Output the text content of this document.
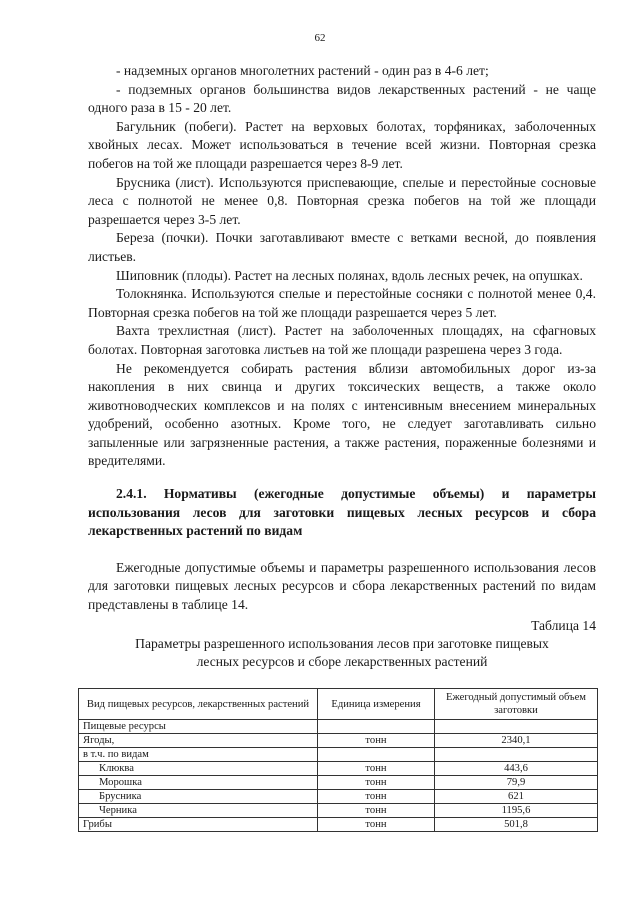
62

- надземных органов многолетних растений - один раз в 4-6 лет;

- подземных органов большинства видов лекарственных растений - не чаще одного раза в 15 - 20 лет.

Багульник (побеги). Растет на верховых болотах, торфяниках, заболоченных хвойных лесах. Может использоваться в течение всей жизни. Повторная срезка побегов на той же площади разрешается через 8-9 лет.

Брусника (лист). Используются приспевающие, спелые и перестойные сосновые леса с полнотой не менее 0,8. Повторная срезка побегов на той же площади разрешается через 3-5 лет.

Береза (почки). Почки заготавливают вместе с ветками весной, до появления листьев.

Шиповник (плоды). Растет на лесных полянах, вдоль лесных речек, на опушках.

Толокнянка. Используются спелые и перестойные сосняки с полнотой менее 0,4. Повторная срезка побегов на той же площади разрешается через 5 лет.

Вахта трехлистная (лист). Растет на заболоченных площадях, на сфагновых болотах. Повторная заготовка листьев на той же площади разрешена через 3 года.

Не рекомендуется собирать растения вблизи автомобильных дорог из-за накопления в них свинца и других токсических веществ, а также около животноводческих комплексов и на полях с интенсивным внесением минеральных удобрений, особенно азотных. Кроме того, не следует заготавливать сильно запыленные или загрязненные растения, а также растения, пораженные болезнями и вредителями.

2.4.1. Нормативы (ежегодные допустимые объемы) и параметры использования лесов для заготовки пищевых лесных ресурсов и сбора лекарственных растений по видам

Ежегодные допустимые объемы и параметры разрешенного использования лесов для заготовки пищевых лесных ресурсов и сбора лекарственных растений по видам представлены в таблице 14.

Таблица 14
Параметры разрешенного использования лесов при заготовке пищевых лесных ресурсов и сборе лекарственных растений
Вид пищевых ресурсов, лекарственных растений	Единица измерения	Ежегодный допустимый объем заготовки
Пищевые ресурсы		
Ягоды,	тонн	2340,1
в т.ч. по видам		
Клюква	тонн	443,6
Морошка	тонн	79,9
Брусника	тонн	621
Черника	тонн	1195,6
Грибы	тонн	501,8
